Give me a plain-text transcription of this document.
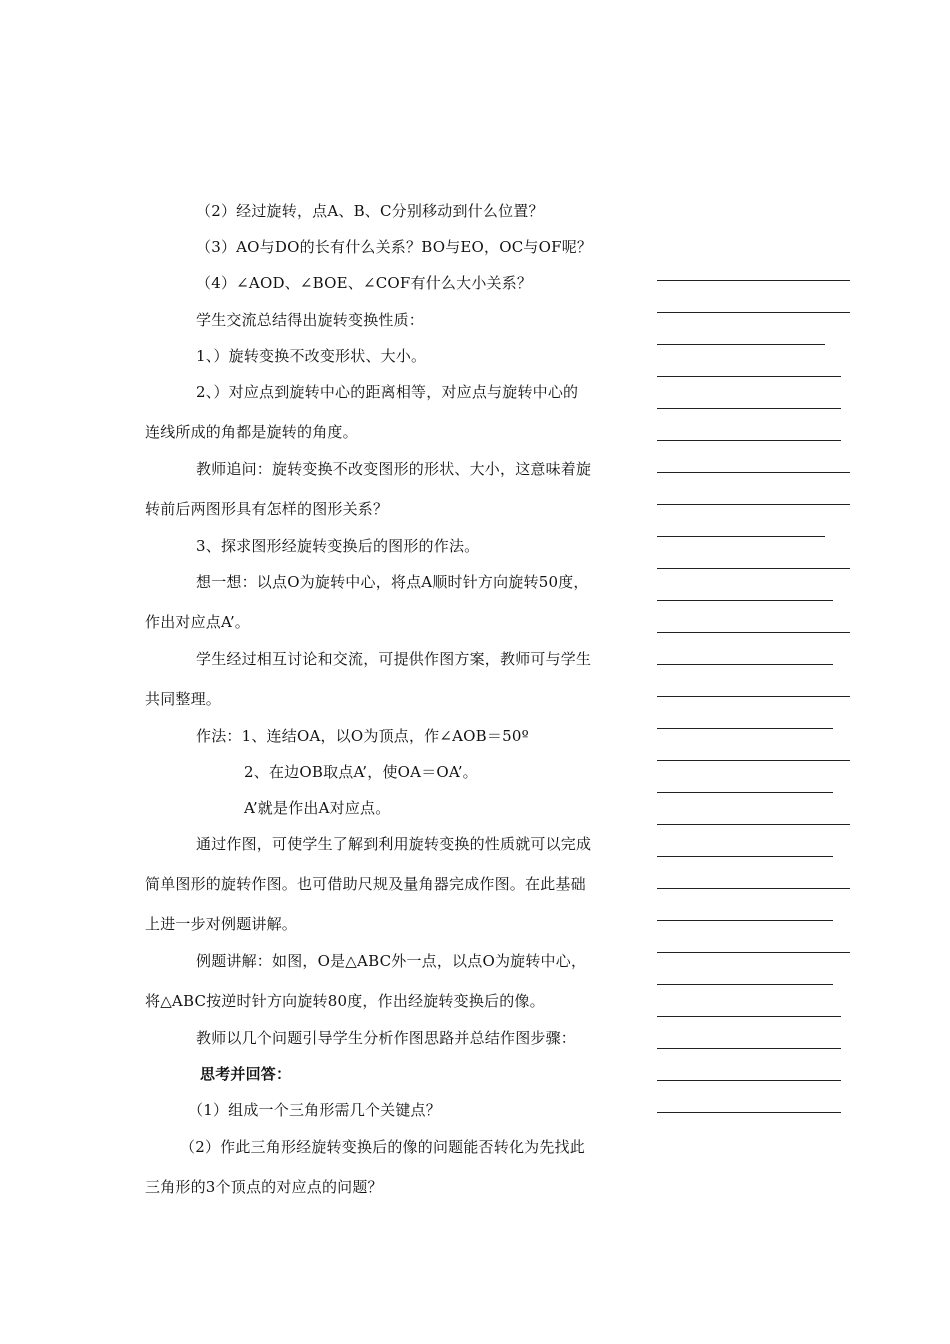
（2）经过旋转，点A、B、C分别移动到什么位置？
（3）AO与DO的长有什么关系？BO与EO，OC与OF呢？
（4）∠AOD、∠BOE、∠COF有什么大小关系？
学生交流总结得出旋转变换性质：
1、）旋转变换不改变形状、大小。
2、）对应点到旋转中心的距离相等，对应点与旋转中心的
连线所成的角都是旋转的角度。
教师追问：旋转变换不改变图形的形状、大小，这意味着旋
转前后两图形具有怎样的图形关系？
3、探求图形经旋转变换后的图形的作法。
想一想：以点O为旋转中心，将点A顺时针方向旋转50度，
作出对应点A’。
学生经过相互讨论和交流，可提供作图方案，教师可与学生
共同整理。
作法：1、连结OA，以O为顶点，作∠AOB＝50º
2、在边OB取点A’，使OA＝OA’。
A’就是作出A对应点。
通过作图，可使学生了解到利用旋转变换的性质就可以完成
简单图形的旋转作图。也可借助尺规及量角器完成作图。在此基础
上进一步对例题讲解。
例题讲解：如图，O是△ABC外一点，以点O为旋转中心，
将△ABC按逆时针方向旋转80度，作出经旋转变换后的像。
教师以几个问题引导学生分析作图思路并总结作图步骤：
思考并回答：
（1）组成一个三角形需几个关键点？
（2）作此三角形经旋转变换后的像的问题能否转化为先找此
三角形的3个顶点的对应点的问题？
